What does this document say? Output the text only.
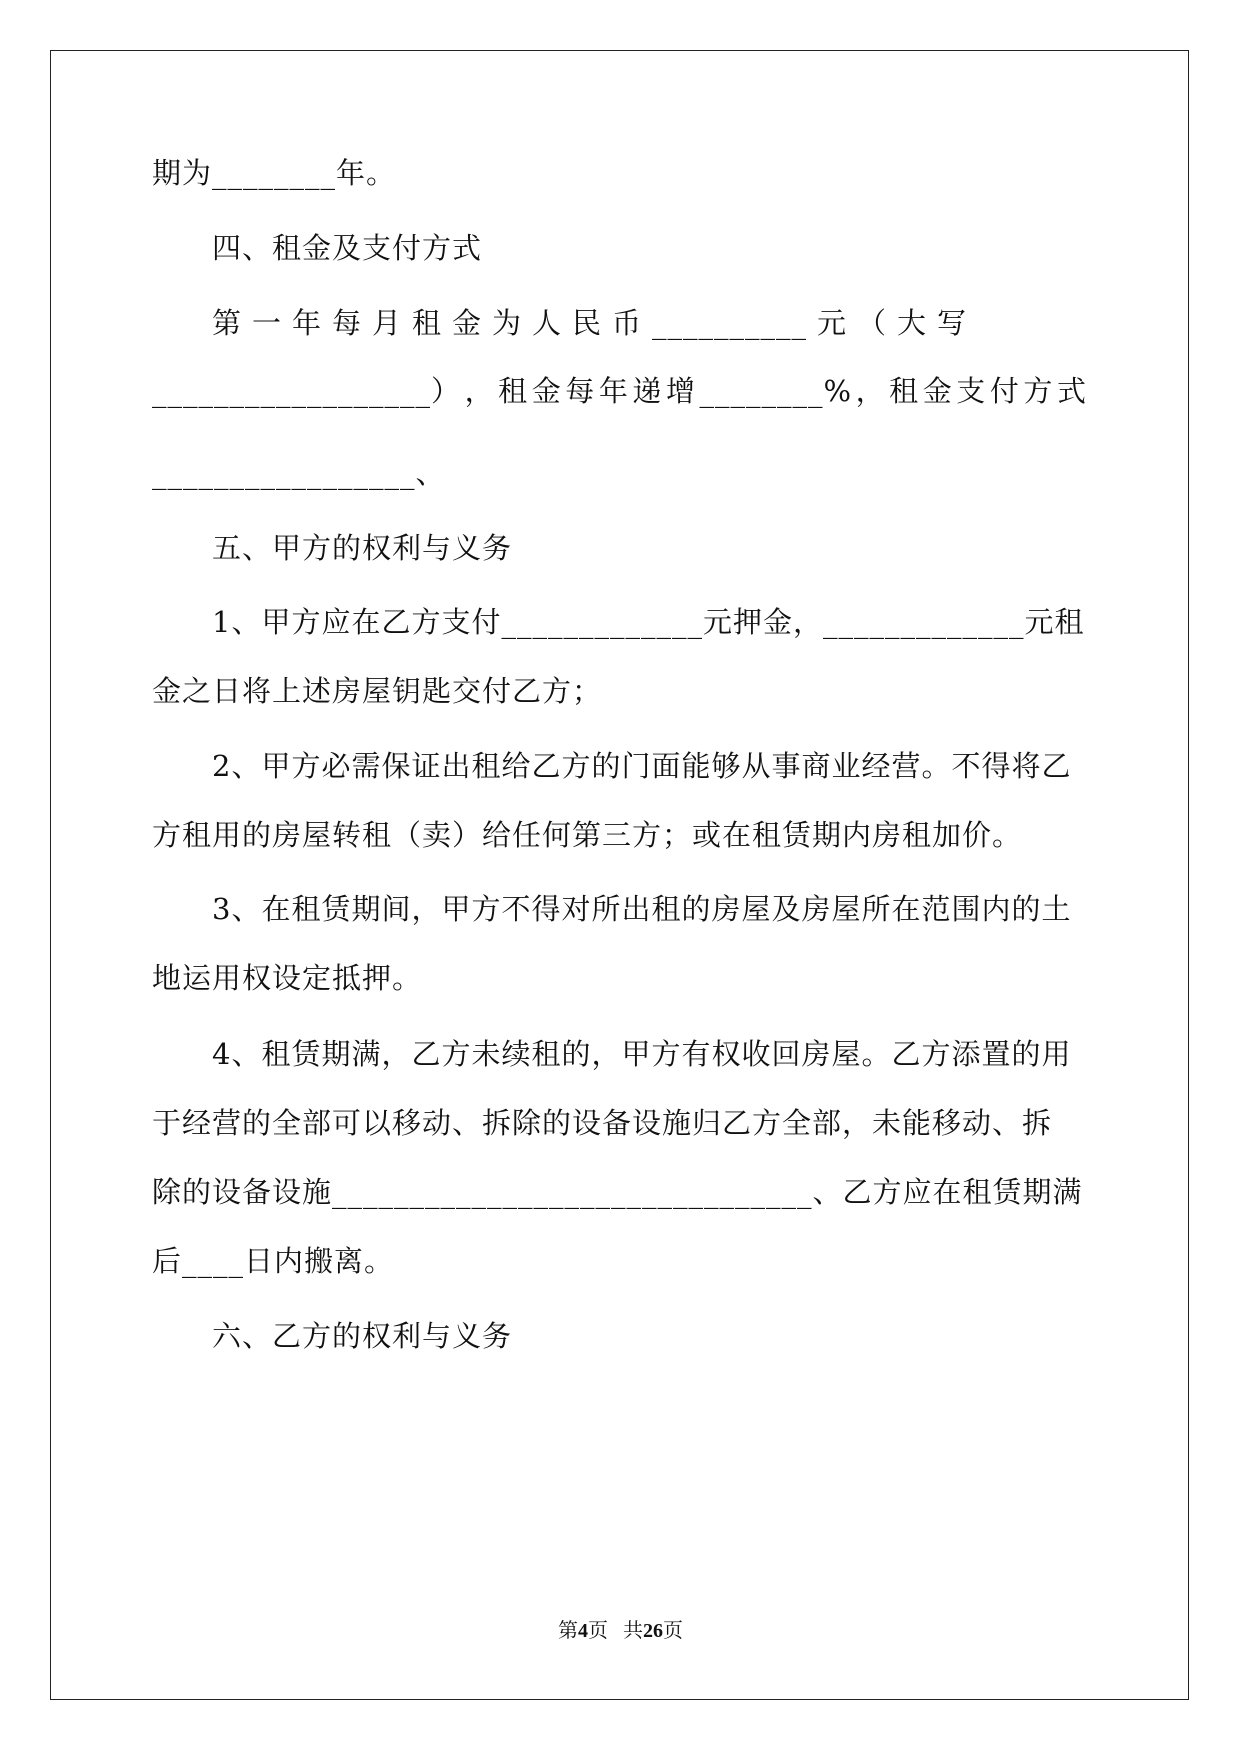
期为________年。
四、租金及支付方式
第 一 年 每 月 租 金 为 人 民 币 __________ 元 （ 大 写
__________________） ， 租 金 每 年 递 增 ________% ， 租 金 支 付 方 式
_________________、
五、甲方的权利与义务
1、甲方应在乙方支付_____________元押金，_____________元租
金之日将上述房屋钥匙交付乙方；
2、甲方必需保证出租给乙方的门面能够从事商业经营。不得将乙
方租用的房屋转租（卖）给任何第三方；或在租赁期内房租加价。
3、在租赁期间，甲方不得对所出租的房屋及房屋所在范围内的土
地运用权设定抵押。
4、租赁期满，乙方未续租的，甲方有权收回房屋。乙方添置的用
于经营的全部可以移动、拆除的设备设施归乙方全部，未能移动、拆
除的设备设施_______________________________、乙方应在租赁期满
后____日内搬离。
六、乙方的权利与义务
第4页 共26页
